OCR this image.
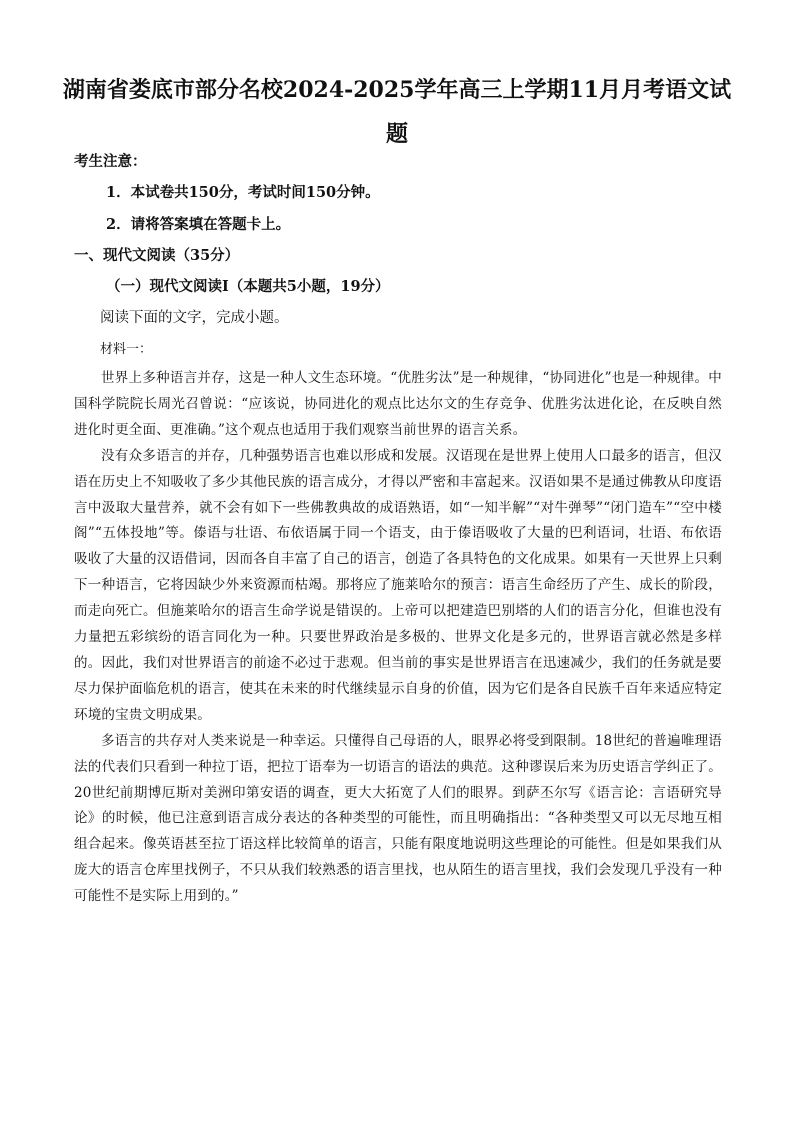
湖南省娄底市部分名校2024-2025学年高三上学期11月月考语文试题
考生注意：
1．本试卷共150分，考试时间150分钟。
2．请将答案填在答题卡上。
一、现代文阅读（35分）
（一）现代文阅读Ⅰ（本题共5小题，19分）
阅读下面的文字，完成小题。
材料一：

世界上多种语言并存，这是一种人文生态环境。“优胜劣汰”是一种规律，“协同进化”也是一种规律。中国科学院院长周光召曾说：“应该说，协同进化的观点比达尔文的生存竞争、优胜劣汰进化论，在反映自然进化时更全面、更准确。”这个观点也适用于我们观察当前世界的语言关系。

没有众多语言的并存，几种强势语言也难以形成和发展。汉语现在是世界上使用人口最多的语言，但汉语在历史上不知吸收了多少其他民族的语言成分，才得以严密和丰富起来。汉语如果不是通过佛教从印度语言中汲取大量营养，就不会有如下一些佛教典故的成语熟语，如“一知半解”“对牛弹琴”“闭门造车”“空中楼阁”“五体投地”等。傣语与壮语、布依语属于同一个语支，由于傣语吸收了大量的巴利语词，壮语、布依语吸收了大量的汉语借词，因而各自丰富了自己的语言，创造了各具特色的文化成果。如果有一天世界上只剩下一种语言，它将因缺少外来资源而枯竭。那将应了施莱哈尔的预言：语言生命经历了产生、成长的阶段，而走向死亡。但施莱哈尔的语言生命学说是错误的。上帝可以把建造巴别塔的人们的语言分化，但谁也没有力量把五彩缤纷的语言同化为一种。只要世界政治是多极的、世界文化是多元的，世界语言就必然是多样的。因此，我们对世界语言的前途不必过于悲观。但当前的事实是世界语言在迅速减少，我们的任务就是要尽力保护面临危机的语言，使其在未来的时代继续显示自身的价值，因为它们是各自民族千百年来适应特定环境的宝贵文明成果。

多语言的共存对人类来说是一种幸运。只懂得自己母语的人，眼界必将受到限制。18世纪的普遍唯理语法的代表们只看到一种拉丁语，把拉丁语奉为一切语言的语法的典范。这种谬误后来为历史语言学纠正了。20世纪前期博厄斯对美洲印第安语的调查，更大大拓宽了人们的眼界。到萨丕尔写《语言论：言语研究导论》的时候，他已注意到语言成分表达的各种类型的可能性，而且明确指出：“各种类型又可以无尽地互相组合起来。像英语甚至拉丁语这样比较简单的语言，只能有限度地说明这些理论的可能性。但是如果我们从庞大的语言仓库里找例子，不只从我们较熟悉的语言里找，也从陌生的语言里找，我们会发现几乎没有一种可能性不是实际上用到的。”
